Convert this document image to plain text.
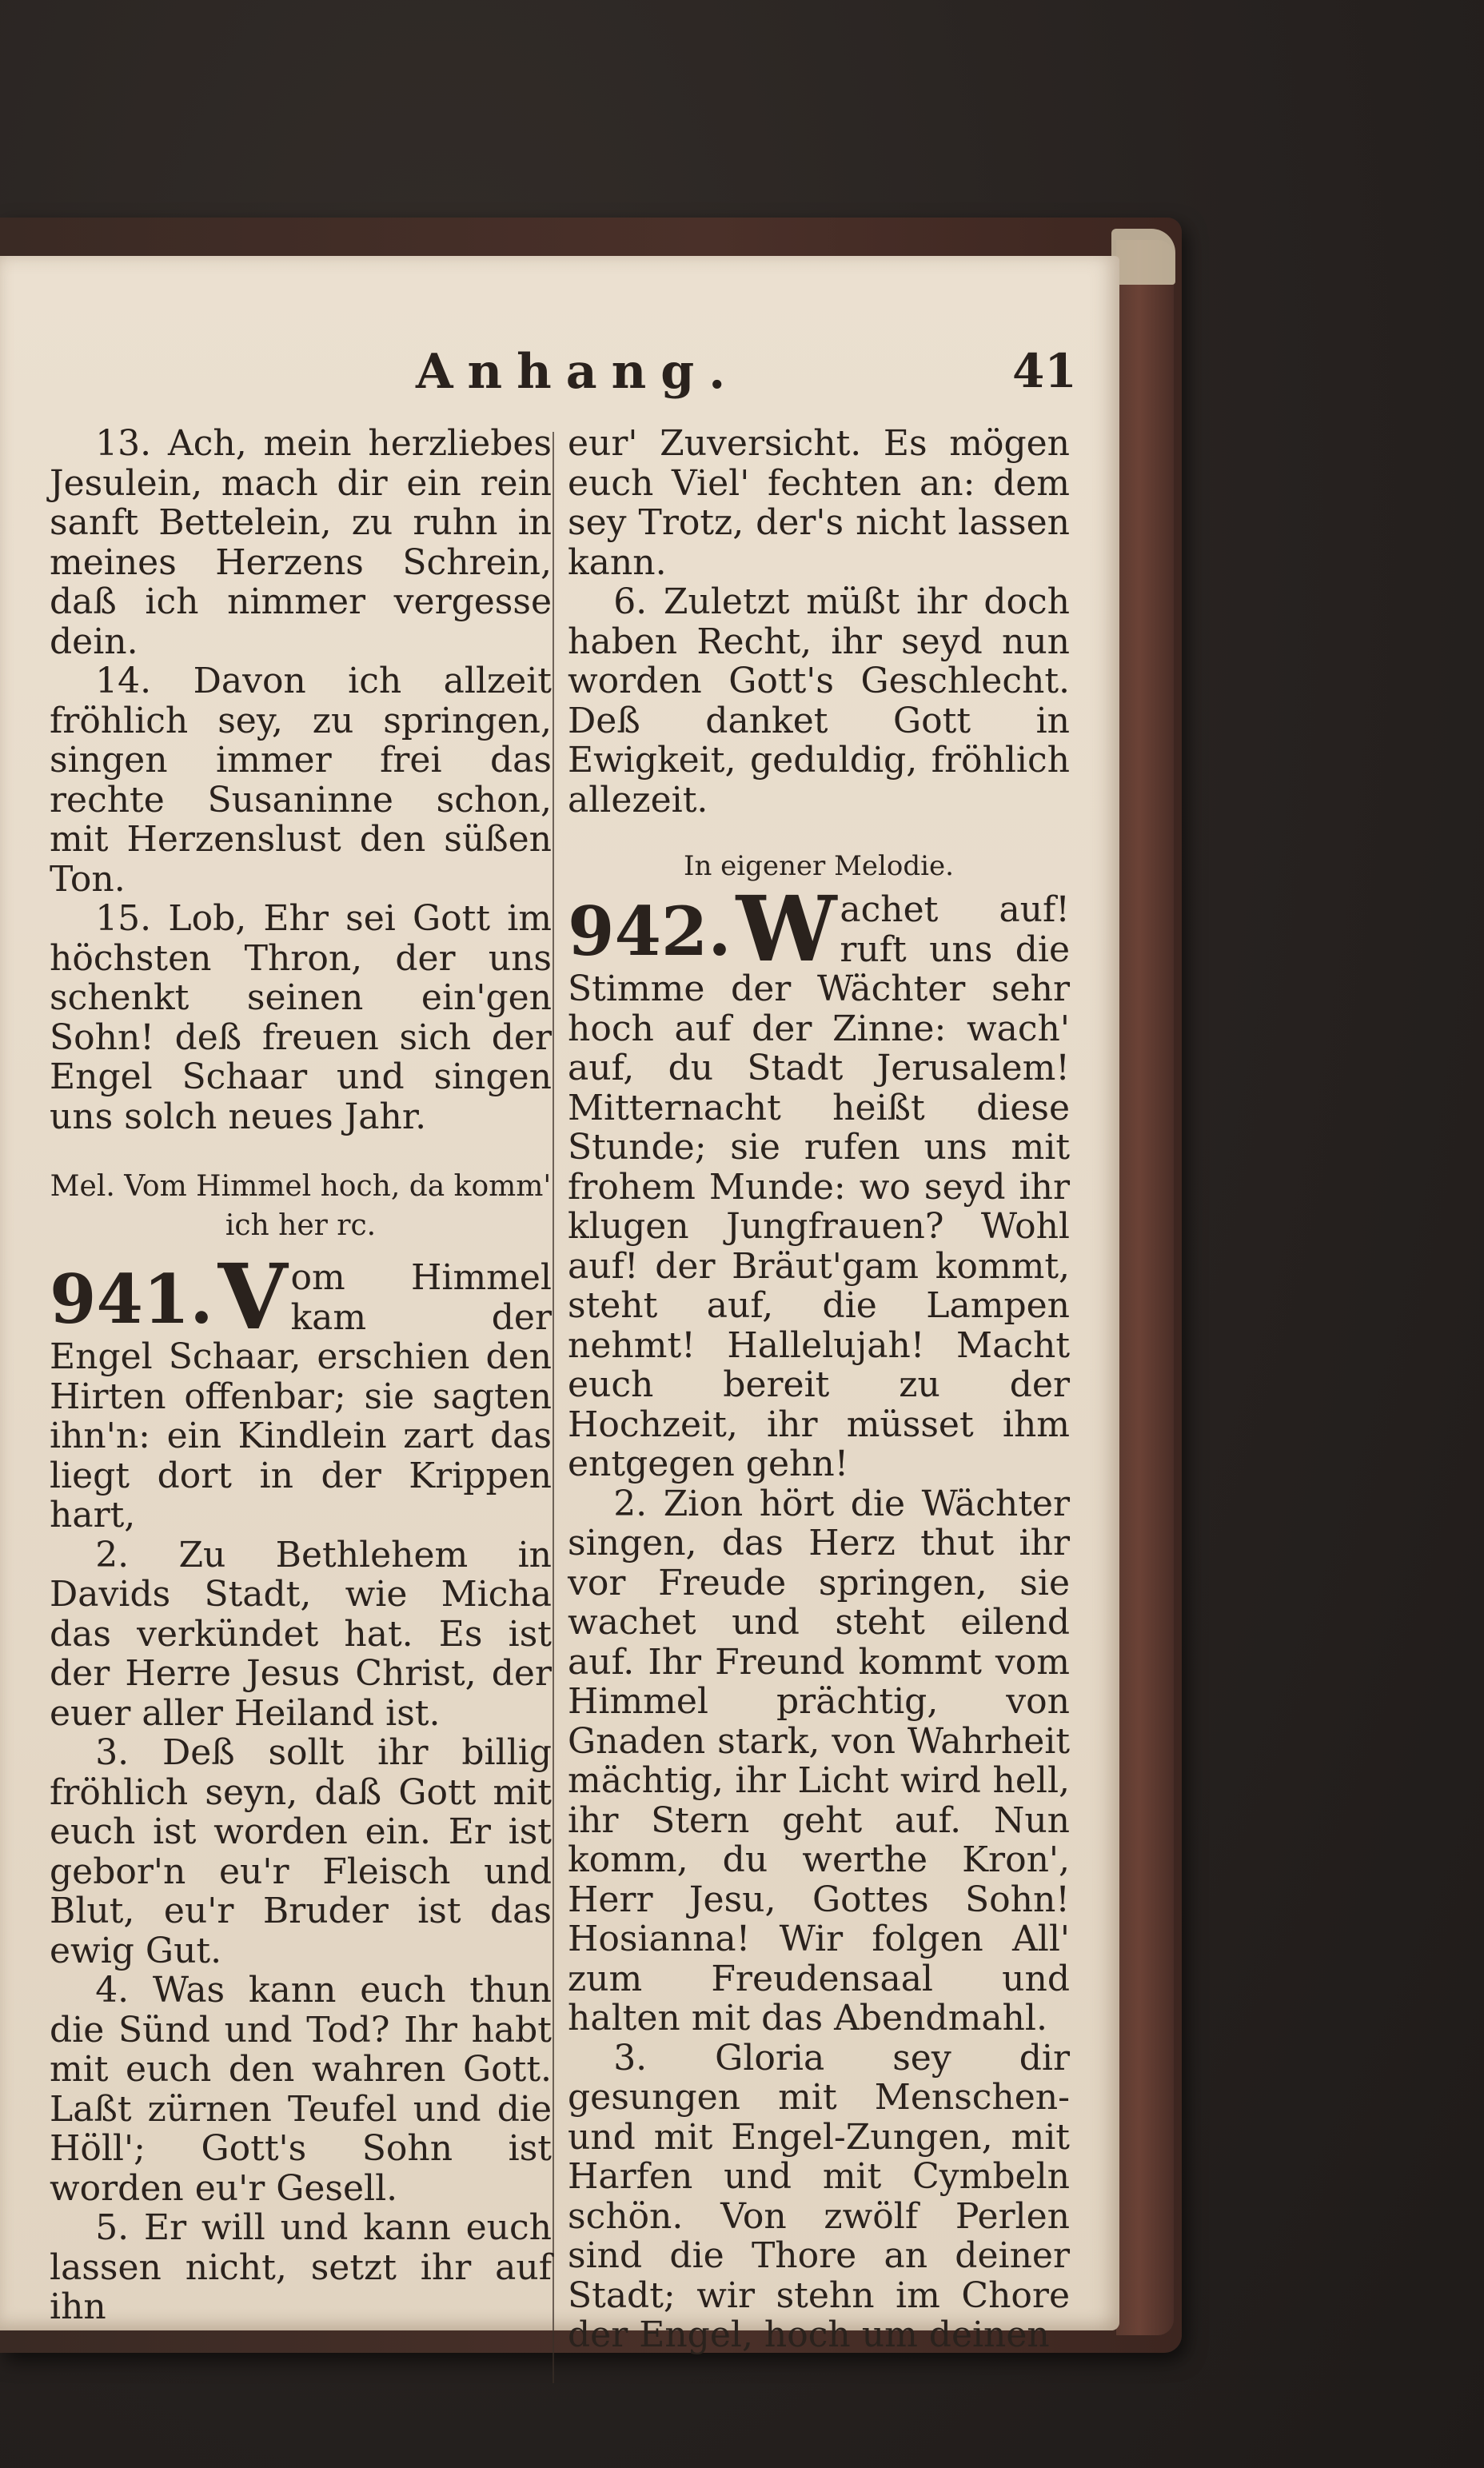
Anhang.	41

13. Ach, mein herzliebes Jesulein, mach dir ein rein sanft Bettelein, zu ruhn in meines Herzens Schrein, daß ich nimmer vergesse dein.

14. Davon ich allzeit fröhlich sey, zu springen, singen immer frei das rechte Susaninne schon, mit Herzenslust den süßen Ton.

15. Lob, Ehr sei Gott im höchsten Thron, der uns schenkt seinen ein'gen Sohn! deß freuen sich der Engel Schaar und singen uns solch neues Jahr.

Mel. Vom Himmel hoch, da komm' ich her rc.

941. V om Himmel kam der Engel Schaar, erschien den Hirten offenbar; sie sagten ihn'n: ein Kindlein zart das liegt dort in der Krippen hart,

2. Zu Bethlehem in Davids Stadt, wie Micha das verkündet hat. Es ist der Herre Jesus Christ, der euer aller Heiland ist.

3. Deß sollt ihr billig fröhlich seyn, daß Gott mit euch ist worden ein. Er ist gebor'n eu'r Fleisch und Blut, eu'r Bruder ist das ewig Gut.

4. Was kann euch thun die Sünd und Tod? Ihr habt mit euch den wahren Gott. Laßt zürnen Teufel und die Höll'; Gott's Sohn ist worden eu'r Gesell.

5. Er will und kann euch lassen nicht, setzt ihr auf ihn

eur' Zuversicht. Es mögen euch Viel' fechten an: dem sey Trotz, der's nicht lassen kann.

6. Zuletzt müßt ihr doch haben Recht, ihr seyd nun worden Gott's Geschlecht. Deß danket Gott in Ewigkeit, geduldig, fröhlich allezeit.

In eigener Melodie.

942. W achet auf! ruft uns die Stimme der Wächter sehr hoch auf der Zinne: wach' auf, du Stadt Jerusalem! Mitternacht heißt diese Stunde; sie rufen uns mit frohem Munde: wo seyd ihr klugen Jungfrauen? Wohl auf! der Bräut'gam kommt, steht auf, die Lampen nehmt! Hallelujah! Macht euch bereit zu der Hochzeit, ihr müsset ihm entgegen gehn!

2. Zion hört die Wächter singen, das Herz thut ihr vor Freude springen, sie wachet und steht eilend auf. Ihr Freund kommt vom Himmel prächtig, von Gnaden stark, von Wahrheit mächtig, ihr Licht wird hell, ihr Stern geht auf. Nun komm, du werthe Kron', Herr Jesu, Gottes Sohn! Hosianna! Wir folgen All' zum Freudensaal und halten mit das Abendmahl.

3. Gloria sey dir gesungen mit Menschen- und mit Engel-Zungen, mit Harfen und mit Cymbeln schön. Von zwölf Perlen sind die Thore an deiner Stadt; wir stehn im Chore der Engel, hoch um deinen
